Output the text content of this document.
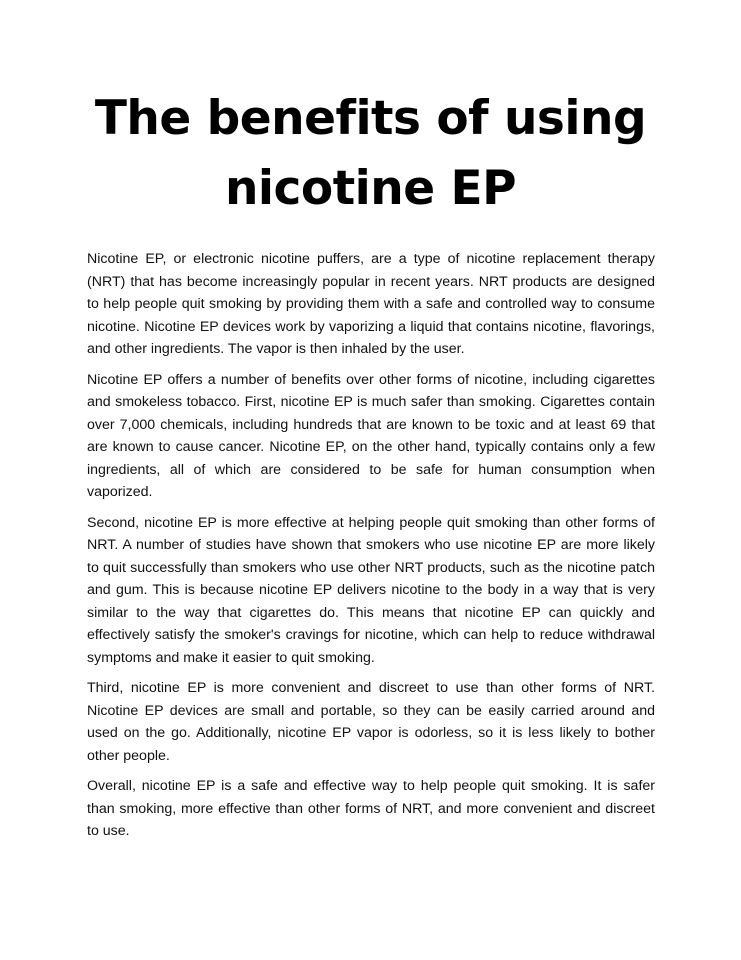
The benefits of using
nicotine EP

Nicotine EP, or electronic nicotine puffers, are a type of nicotine replacement therapy (NRT) that has become increasingly popular in recent years. NRT products are designed to help people quit smoking by providing them with a safe and controlled way to consume nicotine. Nicotine EP devices work by vaporizing a liquid that contains nicotine, flavorings, and other ingredients. The vapor is then inhaled by the user.

Nicotine EP offers a number of benefits over other forms of nicotine, including cigarettes and smokeless tobacco. First, nicotine EP is much safer than smoking. Cigarettes contain over 7,000 chemicals, including hundreds that are known to be toxic and at least 69 that are known to cause cancer. Nicotine EP, on the other hand, typically contains only a few ingredients, all of which are considered to be safe for human consumption when vaporized.

Second, nicotine EP is more effective at helping people quit smoking than other forms of NRT. A number of studies have shown that smokers who use nicotine EP are more likely to quit successfully than smokers who use other NRT products, such as the nicotine patch and gum. This is because nicotine EP delivers nicotine to the body in a way that is very similar to the way that cigarettes do. This means that nicotine EP can quickly and effectively satisfy the smoker's cravings for nicotine, which can help to reduce withdrawal symptoms and make it easier to quit smoking.

Third, nicotine EP is more convenient and discreet to use than other forms of NRT. Nicotine EP devices are small and portable, so they can be easily carried around and used on the go. Additionally, nicotine EP vapor is odorless, so it is less likely to bother other people.

Overall, nicotine EP is a safe and effective way to help people quit smoking. It is safer than smoking, more effective than other forms of NRT, and more convenient and discreet to use.
